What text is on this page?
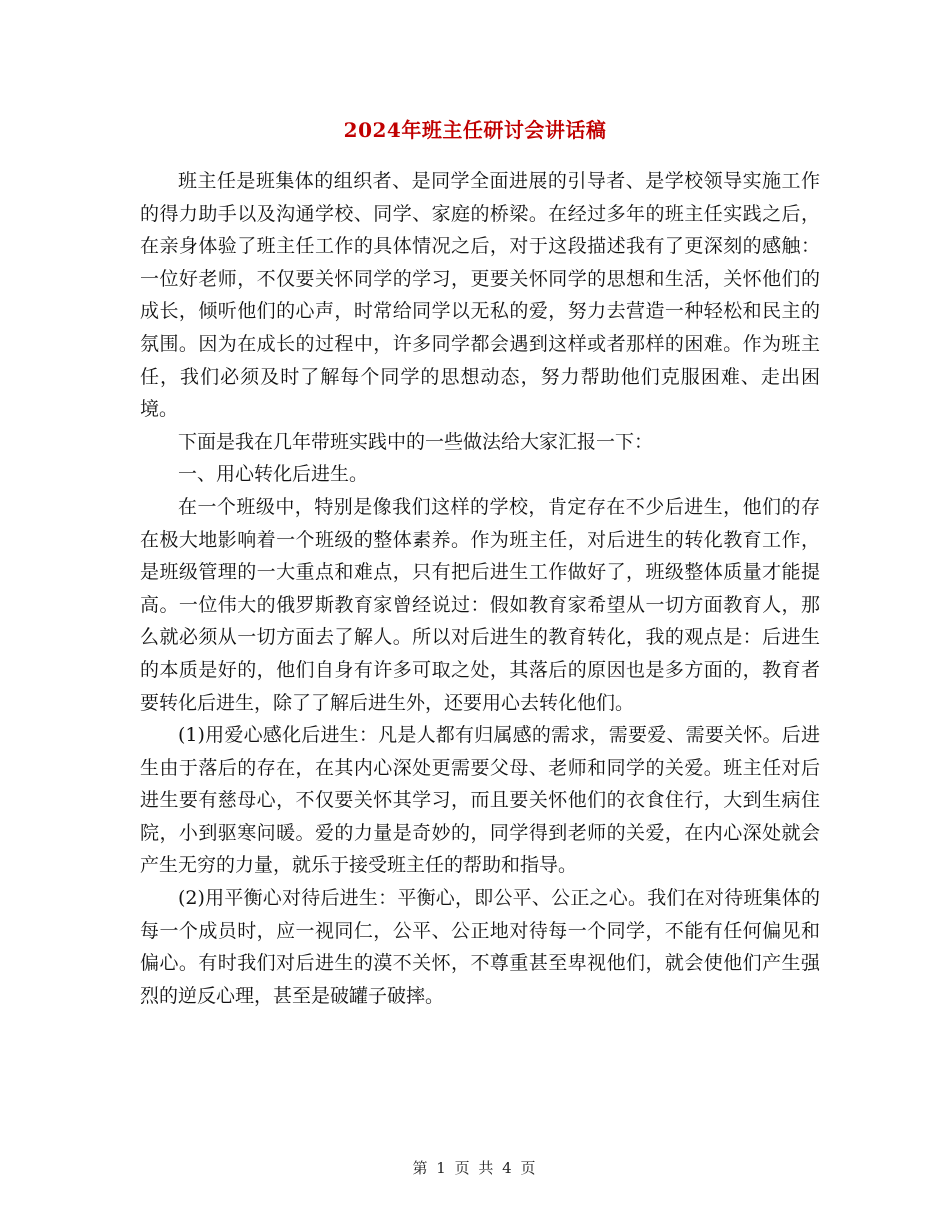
2024年班主任研讨会讲话稿

班主任是班集体的组织者、是同学全面进展的引导者、是学校领导实施工作的得力助手以及沟通学校、同学、家庭的桥梁。在经过多年的班主任实践之后，在亲身体验了班主任工作的具体情况之后，对于这段描述我有了更深刻的感触：一位好老师，不仅要关怀同学的学习，更要关怀同学的思想和生活，关怀他们的成长，倾听他们的心声，时常给同学以无私的爱，努力去营造一种轻松和民主的氛围。因为在成长的过程中，许多同学都会遇到这样或者那样的困难。作为班主任，我们必须及时了解每个同学的思想动态，努力帮助他们克服困难、走出困境。

下面是我在几年带班实践中的一些做法给大家汇报一下：

一、用心转化后进生。

在一个班级中，特别是像我们这样的学校，肯定存在不少后进生，他们的存在极大地影响着一个班级的整体素养。作为班主任，对后进生的转化教育工作，是班级管理的一大重点和难点，只有把后进生工作做好了，班级整体质量才能提高。一位伟大的俄罗斯教育家曾经说过：假如教育家希望从一切方面教育人，那么就必须从一切方面去了解人。所以对后进生的教育转化，我的观点是：后进生的本质是好的，他们自身有许多可取之处，其落后的原因也是多方面的，教育者要转化后进生，除了了解后进生外，还要用心去转化他们。

(1)用爱心感化后进生：凡是人都有归属感的需求，需要爱、需要关怀。后进生由于落后的存在，在其内心深处更需要父母、老师和同学的关爱。班主任对后进生要有慈母心，不仅要关怀其学习，而且要关怀他们的衣食住行，大到生病住院，小到驱寒问暖。爱的力量是奇妙的，同学得到老师的关爱，在内心深处就会产生无穷的力量，就乐于接受班主任的帮助和指导。

(2)用平衡心对待后进生：平衡心，即公平、公正之心。我们在对待班集体的每一个成员时，应一视同仁，公平、公正地对待每一个同学，不能有任何偏见和偏心。有时我们对后进生的漠不关怀，不尊重甚至卑视他们，就会使他们产生强烈的逆反心理，甚至是破罐子破摔。

第 1 页 共 4 页
